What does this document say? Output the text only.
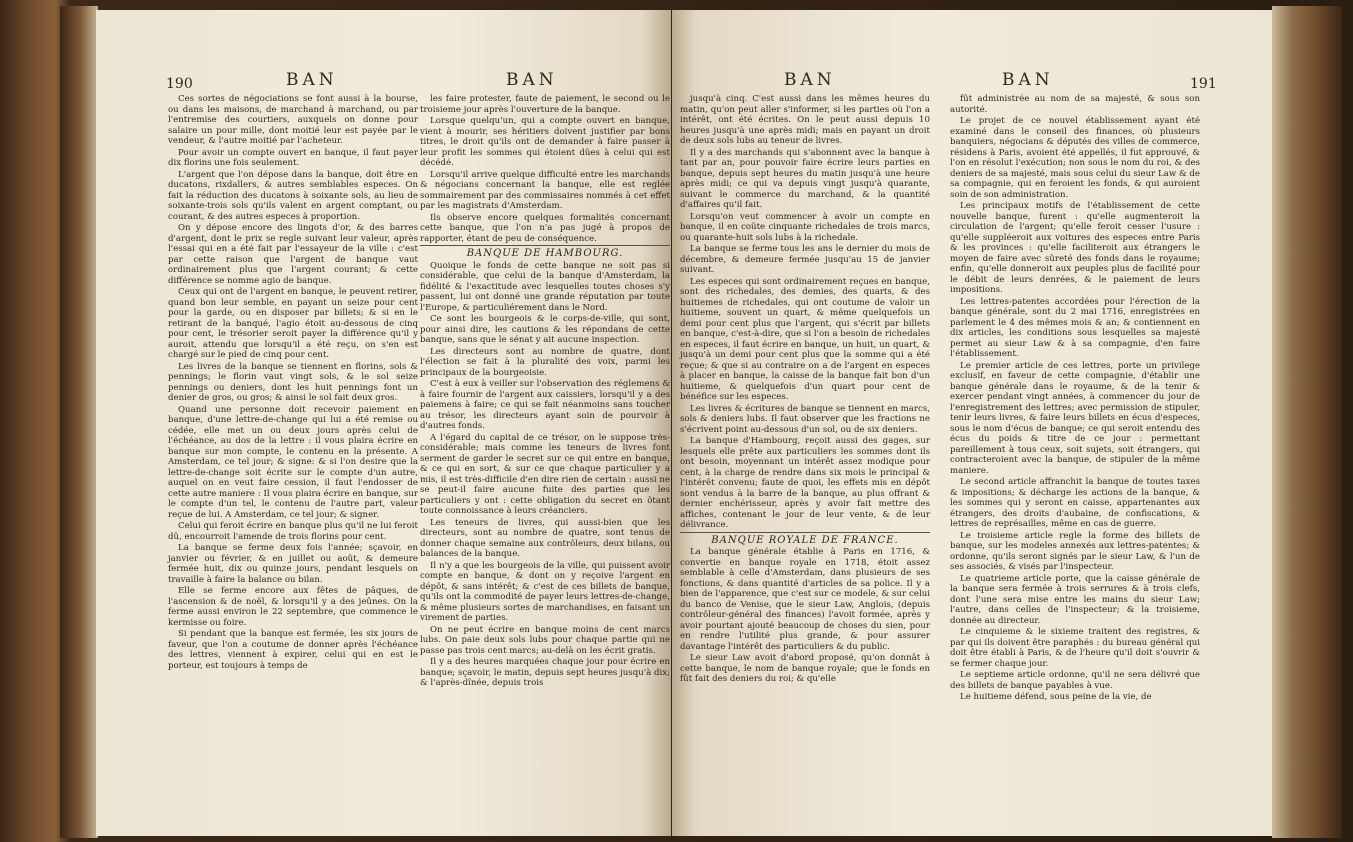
190	BAN	BAN

Ces sortes de négociations se font aussi à la bourse, ou dans les maisons, de marchand à marchand, ou par l'entremise des courtiers, auxquels on donne pour salaire un pour mille, dont moitié leur est payée par le vendeur, & l'autre moitié par l'acheteur.

Pour avoir un compte ouvert en banque, il faut payer dix florins une fois seulement.

L'argent que l'on dépose dans la banque, doit être en ducatons, rixdallers, & autres semblables especes. On fait la réduction des ducatons à soixante sols, au lieu de soixante-trois sols qu'ils valent en argent comptant, ou courant, & des autres especes à proportion.

On y dépose encore des lingots d'or, & des barres d'argent, dont le prix se regle suivant leur valeur, après l'essai qui en a été fait par l'essayeur de la ville : c'est par cette raison que l'argent de banque vaut ordinairement plus que l'argent courant; & cette différence se nomme agio de banque.

Ceux qui ont de l'argent en banque, le peuvent retirer, quand bon leur semble, en payant un seize pour cent pour la garde, ou en disposer par billets; & si en le retirant de la banqué, l'agio étoit au-dessous de cinq pour cent, le trésorier seroit payer la différence qu'il y auroit, attendu que lorsqu'il a été reçu, on s'en est chargé sur le pied de cinq pour cent.

Les livres de la banque se tiennent en florins, sols & pennings; le florin vaut vingt sols, & le sol seize pennings ou deniers, dont les huit pennings font un denier de gros, ou gros; & ainsi le sol fait deux gros.

Quand une personne doit recevoir paiement en banque, d'une lettre-de-change qui lui a été remise ou cédée, elle met un ou deux jours après celui de l'échéance, au dos de la lettre : il vous plaira écrire en banque sur mon compte, le contenu en la présente. A Amsterdam, ce tel jour; & signe: & si l'on desire que la lettre-de-change soit écrite sur le compte d'un autre, auquel on en veut faire cession, il faut l'endosser de cette autre maniere : Il vous plaira écrire en banque, sur le compte d'un tel, le contenu de l'autre part, valeur reçue de lui. A Amsterdam, ce tel jour; & signer.

Celui qui feroit écrire en banque plus qu'il ne lui feroit dû, encourroit l'amende de trois florins pour cent.

La banque se ferme deux fois l'année; sçavoir, en janvier ou février, & en juillet ou août, & demeure fermée huit, dix ou quinze jours, pendant lesquels on travaille à faire la balance ou bilan.

Elle se ferme encore aux fêtes de pâques, de l'ascension & de noël, & lorsqu'il y a des jeûnes. On la ferme aussi environ le 22 septembre, que commence le kermisse ou foire.

Si pendant que la banque est fermée, les six jours de faveur, que l'on a coutume de donner après l'échéance des lettres, viennent à expirer, celui qui en est le porteur, est toujours à temps de

les faire protester, faute de paiement, le second ou le troisieme jour après l'ouverture de la banque.

Lorsque quelqu'un, qui a compte ouvert en banque, vient à mourir, ses héritiers doivent justifier par bons titres, le droit qu'ils ont de demander à faire passer à leur profit les sommes qui étoient dûes à celui qui est décédé.

Lorsqu'il arrive quelque difficulté entre les marchands & négocians concernant la banque, elle est reglée sommairement par des commissaires nommés à cet effet par les magistrats d'Amsterdam.

Ils observe encore quelques formalités concernant cette banque, que l'on n'a pas jugé à propos de rapporter, étant de peu de conséquence.

BANQUE DE HAMBOURG.

Quoique le fonds de cette banque ne soit pas si considérable, que celui de la banque d'Amsterdam, la fidélité & l'exactitude avec lesquelles toutes choses s'y passent, lui ont donné une grande réputation par toute l'Europe, & particuliérement dans le Nord.

Ce sont les bourgeois & le corps-de-ville, qui sont, pour ainsi dire, les cautions & les répondans de cette banque, sans que le sénat y ait aucune inspection.

Les directeurs sont au nombre de quatre, dont l'élection se fait à la pluralité des voix, parmi les principaux de la bourgeoisie.

C'est à eux à veiller sur l'observation des réglemens & à faire fournir de l'argent aux caissiers, lorsqu'il y a des paiemens à faire; ce qui se fait néanmoins sans toucher au trésor, les directeurs ayant soin de pourvoir à d'autres fonds.

A l'égard du capital de ce trésor, on le suppose très-considérable; mais comme les teneurs de livres font serment de garder le secret sur ce qui entre en banque, & ce qui en sort, & sur ce que chaque particulier y a mis, il est très-difficile d'en dire rien de certain : aussi ne se peut-il faire aucune fuite des parties que les particuliers y ont : cette obligation du secret en ôtant toute connoissance à leurs créanciers.

Les teneurs de livres, qui aussi-bien que les directeurs, sont au nombre de quatre, sont tenus de donner chaque semaine aux contrôleurs, deux bilans, ou balances de la banque.

Il n'y a que les bourgeois de la ville, qui puissent avoir compte en banque, & dont on y reçoive l'argent en dépôt, & sans intérêt; & c'est de ces billets de banque, qu'ils ont la commodité de payer leurs lettres-de-change, & même plusieurs sortes de marchandises, en faisant un virement de parties.

On ne peut écrire en banque moins de cent marcs lubs. On paie deux sols lubs pour chaque partie qui ne passe pas trois cent marcs; au-delà on les écrit gratis.

Il y a des heures marquées chaque jour pour écrire en banque; sçavoir, le matin, depuis sept heures jusqu'à dix; & l'après-dînée, depuis trois

BAN	BAN	191

jusqu'à cinq. C'est aussi dans les mêmes heures du matin, qu'on peut aller s'informer, si les parties où l'on a intérêt, ont été écrites. On le peut aussi depuis 10 heures jusqu'à une après midi; mais en payant un droit de deux sols lubs au teneur de livres.

Il y a des marchands qui s'abonnent avec la banque à tant par an, pour pouvoir faire écrire leurs parties en banque, depuis sept heures du matin jusqu'à une heure après midi; ce qui va depuis vingt jusqu'à quarante, suivant le commerce du marchand, & la quantité d'affaires qu'il fait.

Lorsqu'on veut commencer à avoir un compte en banque, il en coûte cinquante richedales de trois marcs, ou quarante-huit sols lubs à la richedale.

La banque se ferme tous les ans le dernier du mois de décembre, & demeure fermée jusqu'au 15 de janvier suivant.

Les especes qui sont ordinairement reçues en banque, sont des richedales, des demies, des quarts, & des huitiemes de richedales, qui ont coutume de valoir un huitieme, souvent un quart, & même quelquefois un demi pour cent plus que l'argent, qui s'écrit par billets en banque, c'est-à-dire, que si l'on a besoin de richedales en especes, il faut écrire en banque, un huit, un quart, & jusqu'à un demi pour cent plus que la somme qui a été reçue; & que si au contraire on a de l'argent en especes à placer en banque, la caisse de la banque fait bon d'un huitieme, & quelquefois d'un quart pour cent de bénéfice sur les especes.

Les livres & écritures de banque se tiennent en marcs, sols & deniers lubs. Il faut observer que les fractions ne s'écrivent point au-dessous d'un sol, ou de six deniers.

La banque d'Hambourg, reçoit aussi des gages, sur lesquels elle prête aux particuliers les sommes dont ils ont besoin, moyennant un intérêt assez modique pour cent, à la charge de rendre dans six mois le principal & l'intérêt convenu; faute de quoi, les effets mis en dépôt sont vendus à la barre de la banque, au plus offrant & dernier enchérisseur, après y avoir fait mettre des affiches, contenant le jour de leur vente, & de leur délivrance.

BANQUE ROYALE DE FRANCE.

La banque générale établie à Paris en 1716, & convertie en banque royale en 1718, étoit assez semblable à celle d'Amsterdam, dans plusieurs de ses fonctions, & dans quantité d'articles de sa police. Il y a bien de l'apparence, que c'est sur ce modele, & sur celui du banco de Venise, que le sieur Law, Anglois, (depuis contrôleur-général des finances) l'avoit formée, après y avoir pourtant ajouté beaucoup de choses du sien, pour en rendre l'utilité plus grande, & pour assurer davantage l'intérêt des particuliers & du public.

Le sieur Law avoit d'abord proposé, qu'on donnât à cette banque, le nom de banque royale; que le fonds en fût fait des deniers du roi; & qu'elle

fût administrée au nom de sa majesté, & sous son autorité.

Le projet de ce nouvel établissement ayant été examiné dans le conseil des finances, où plusieurs banquiers, négocians & députés des villes de commerce, résidens à Paris, avoient été appellés, il fut approuvé, & l'on en résolut l'exécution; non sous le nom du roi, & des deniers de sa majesté, mais sous celui du sieur Law & de sa compagnie, qui en feroient les fonds, & qui auroient soin de son administration.

Les principaux motifs de l'établissement de cette nouvelle banque, furent : qu'elle augmenteroit la circulation de l'argent; qu'elle feroit cesser l'usure : qu'elle suppléeroit aux voitures des especes entre Paris & les provinces : qu'elle faciliteroit aux étrangers le moyen de faire avec sûreté des fonds dans le royaume; enfin, qu'elle donneroit aux peuples plus de facilité pour le débit de leurs denrées, & le paiement de leurs impositions.

Les lettres-patentes accordées pour l'érection de la banque générale, sont du 2 mai 1716, enregistrées en parlement le 4 des mêmes mois & an; & contiennent en dix articles, les conditions sous lesquelles sa majesté permet au sieur Law & à sa compagnie, d'en faire l'établissement.

Le premier article de ces lettres, porte un privilege exclusif, en faveur de cette compagnie, d'établir une banque générale dans le royaume, & de la tenir & exercer pendant vingt années, à commencer du jour de l'enregistrement des lettres; avec permission de stipuler, tenir leurs livres, & faire leurs billets en écus d'especes, sous le nom d'écus de banque; ce qui seroit entendu des écus du poids & titre de ce jour : permettant pareillement à tous ceux, soit sujets, soit étrangers, qui contracteroient avec la banque, de stipuler de la même maniere.

Le second article affranchit la banque de toutes taxes & impositions; & décharge les actions de la banque, & les sommes qui y seront en caisse, appartenantes aux étrangers, des droits d'aubaine, de confiscations, & lettres de représailles, même en cas de guerre.

Le troisieme article regle la forme des billets de banque, sur les modeles annexés aux lettres-patentes; & ordonne, qu'ils seront signés par le sieur Law, & l'un de ses associés, & visés par l'inspecteur.

Le quatrieme article porte, que la caisse générale de la banque sera fermée à trois serrures & à trois clefs, dont l'une sera mise entre les mains du sieur Law; l'autre, dans celles de l'inspecteur; & la troisieme, donnée au directeur.

Le cinquieme & le sixieme traitent des registres, & par qui ils doivent être paraphés : du bureau général qui doit être établi à Paris, & de l'heure qu'il doit s'ouvrir & se fermer chaque jour.

Le septieme article ordonne, qu'il ne sera délivré que des billets de banque payables à vue.

Le huitieme défend, sous peine de la vie, de
